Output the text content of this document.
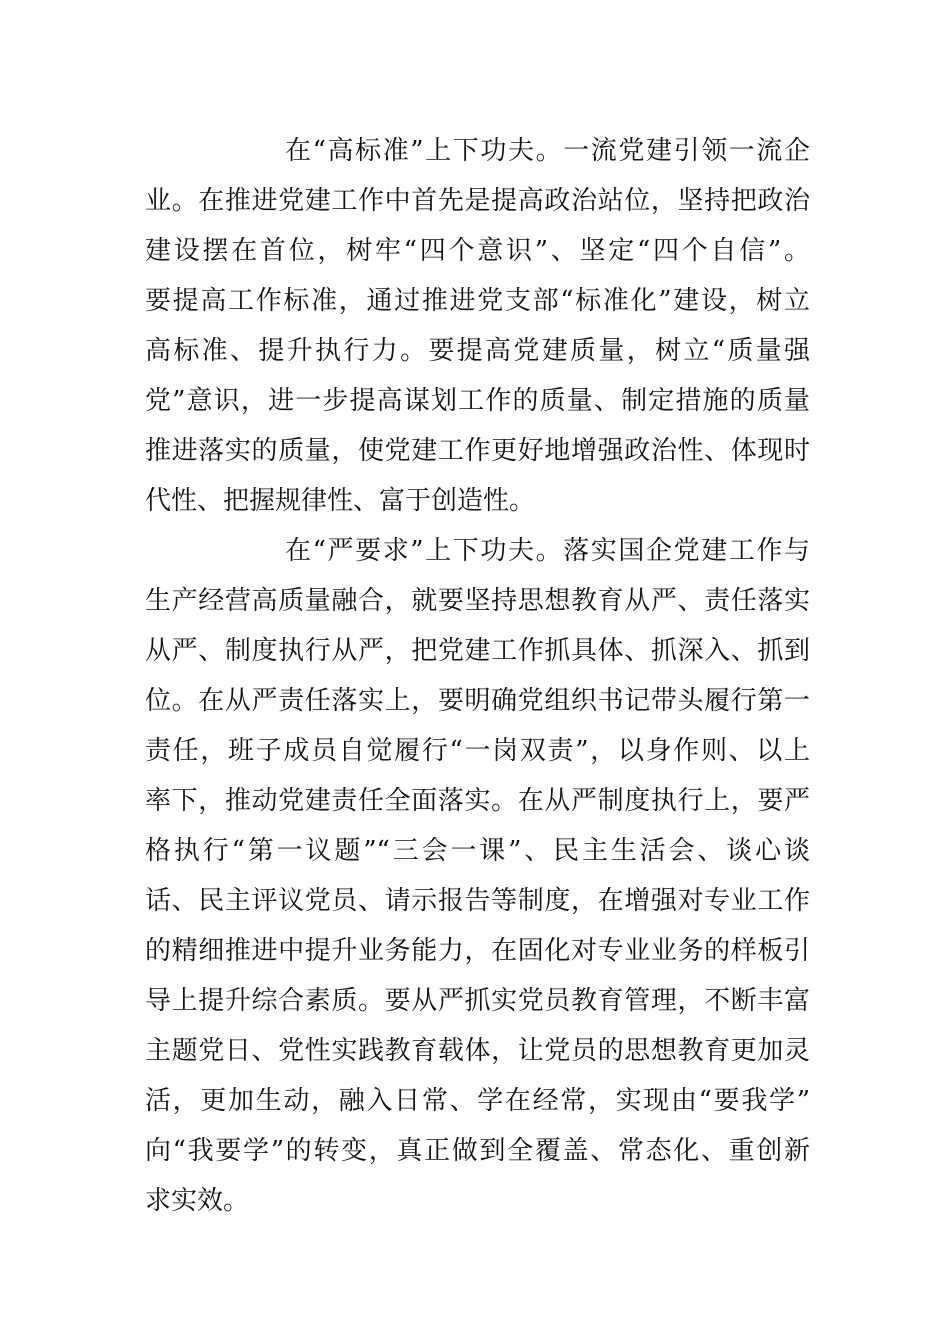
在“高标准”上下功夫。一流党建引领一流企
业。在推进党建工作中首先是提高政治站位，坚持把政治
建设摆在首位，树牢“四个意识”、坚定“四个自信”。
要提高工作标准，通过推进党支部“标准化”建设，树立
高标准、提升执行力。要提高党建质量，树立“质量强
党”意识，进一步提高谋划工作的质量、制定措施的质量
推进落实的质量，使党建工作更好地增强政治性、体现时
代性、把握规律性、富于创造性。
在“严要求”上下功夫。落实国企党建工作与
生产经营高质量融合，就要坚持思想教育从严、责任落实
从严、制度执行从严，把党建工作抓具体、抓深入、抓到
位。在从严责任落实上，要明确党组织书记带头履行第一
责任，班子成员自觉履行“一岗双责”，以身作则、以上
率下，推动党建责任全面落实。在从严制度执行上，要严
格执行“第一议题”“三会一课”、民主生活会、谈心谈
话、民主评议党员、请示报告等制度，在增强对专业工作
的精细推进中提升业务能力，在固化对专业业务的样板引
导上提升综合素质。要从严抓实党员教育管理，不断丰富
主题党日、党性实践教育载体，让党员的思想教育更加灵
活，更加生动，融入日常、学在经常，实现由“要我学”
向“我要学”的转变，真正做到全覆盖、常态化、重创新
求实效。
